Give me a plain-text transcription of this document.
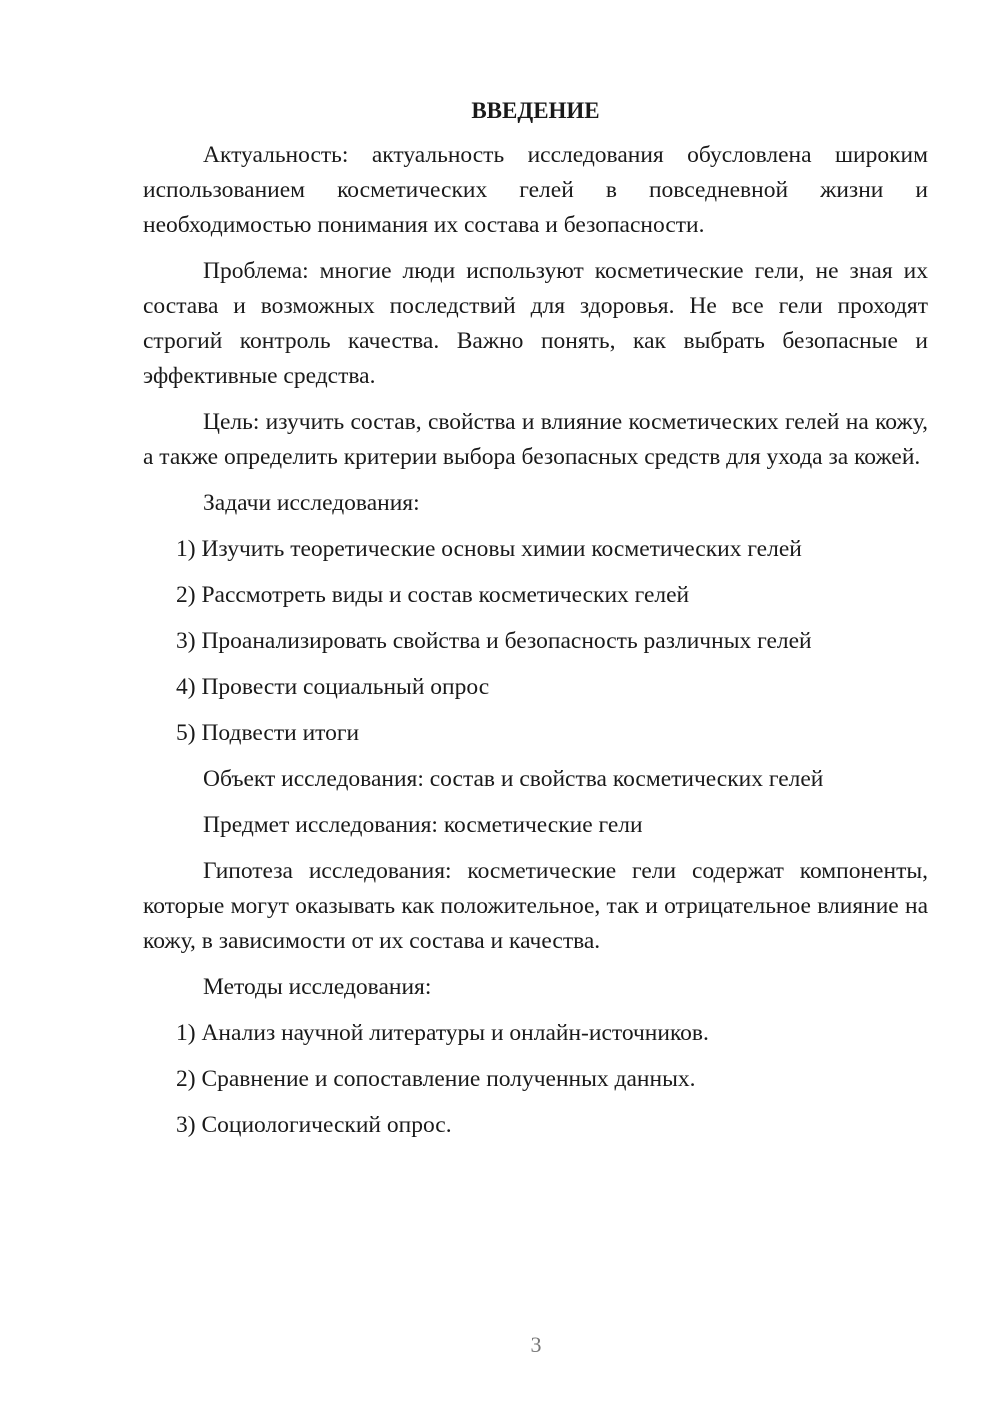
ВВЕДЕНИЕ

Актуальность: актуальность исследования обусловлена широким использованием косметических гелей в повседневной жизни и необходимостью понимания их состава и безопасности.

Проблема: многие люди используют косметические гели, не зная их состава и возможных последствий для здоровья. Не все гели проходят строгий контроль качества. Важно понять, как выбрать безопасные и эффективные средства.

Цель: изучить состав, свойства и влияние косметических гелей на кожу, а также определить критерии выбора безопасных средств для ухода за кожей.

Задачи исследования:
1) Изучить теоретические основы химии косметических гелей
2) Рассмотреть виды и состав косметических гелей
3) Проанализировать свойства и безопасность различных гелей
4) Провести социальный опрос
5) Подвести итоги
Объект исследования: состав и свойства косметических гелей
Предмет исследования: косметические гели

Гипотеза исследования: косметические гели содержат компоненты, которые могут оказывать как положительное, так и отрицательное влияние на кожу, в зависимости от их состава и качества.

Методы исследования:
1) Анализ научной литературы и онлайн-источников.
2) Сравнение и сопоставление полученных данных.
3) Социологический опрос.
3
